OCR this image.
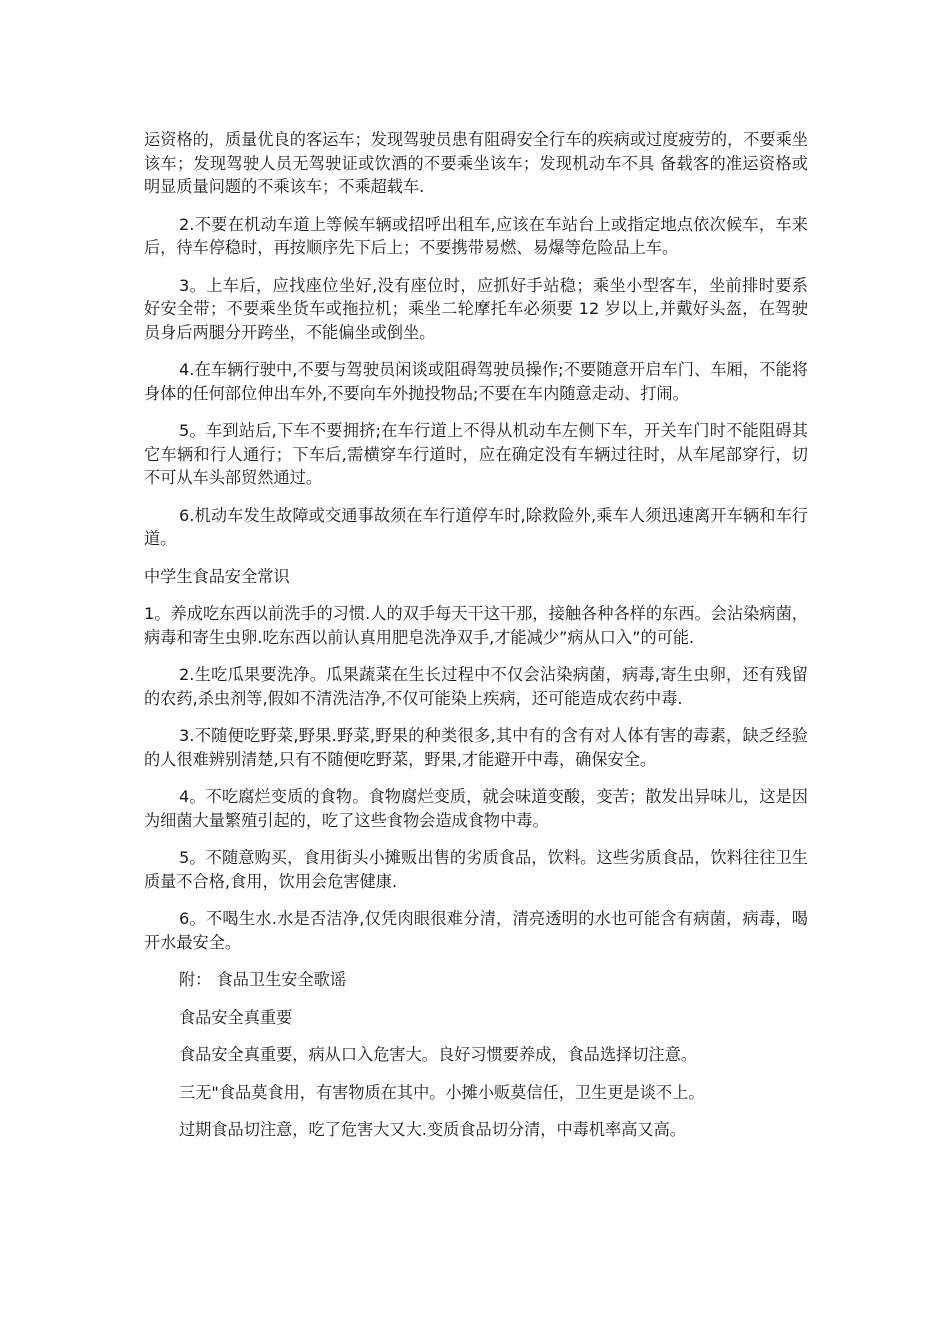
运资格的，质量优良的客运车；发现驾驶员患有阻碍安全行车的疾病或过度疲劳的，不要乘坐该车；发现驾驶人员无驾驶证或饮酒的不要乘坐该车；发现机动车不具 备载客的准运资格或明显质量问题的不乘该车；不乘超载车.

2.不要在机动车道上等候车辆或招呼出租车,应该在车站台上或指定地点依次候车，车来后，待车停稳时，再按顺序先下后上；不要携带易燃、易爆等危险品上车。

3。上车后，应找座位坐好,没有座位时，应抓好手站稳；乘坐小型客车，坐前排时要系好安全带；不要乘坐货车或拖拉机；乘坐二轮摩托车必须要 12 岁以上,并戴好头盔，在驾驶员身后两腿分开跨坐，不能偏坐或倒坐。

4.在车辆行驶中,不要与驾驶员闲谈或阻碍驾驶员操作;不要随意开启车门、车厢，不能将身体的任何部位伸出车外,不要向车外抛投物品;不要在车内随意走动、打闹。

5。车到站后,下车不要拥挤;在车行道上不得从机动车左侧下车，开关车门时不能阻碍其它车辆和行人通行；下车后,需横穿车行道时，应在确定没有车辆过往时，从车尾部穿行，切不可从车头部贸然通过。

6.机动车发生故障或交通事故须在车行道停车时,除救险外,乘车人须迅速离开车辆和车行道。

中学生食品安全常识

1。养成吃东西以前洗手的习惯.人的双手每天干这干那，接触各种各样的东西。会沾染病菌，病毒和寄生虫卵.吃东西以前认真用肥皂洗净双手,才能减少”病从口入”的可能.

2.生吃瓜果要洗净。瓜果蔬菜在生长过程中不仅会沾染病菌，病毒,寄生虫卵，还有残留的农药,杀虫剂等,假如不清洗洁净,不仅可能染上疾病，还可能造成农药中毒.

3.不随便吃野菜,野果.野菜,野果的种类很多,其中有的含有对人体有害的毒素，缺乏经验的人很难辨别清楚,只有不随便吃野菜，野果,才能避开中毒，确保安全。

4。不吃腐烂变质的食物。食物腐烂变质，就会味道变酸，变苦；散发出异味儿，这是因为细菌大量繁殖引起的，吃了这些食物会造成食物中毒。

5。不随意购买，食用街头小摊贩出售的劣质食品，饮料。这些劣质食品，饮料往往卫生质量不合格,食用，饮用会危害健康.

6。不喝生水.水是否洁净,仅凭肉眼很难分清，清亮透明的水也可能含有病菌，病毒，喝开水最安全。

附： 食品卫生安全歌谣

食品安全真重要

食品安全真重要，病从口入危害大。良好习惯要养成，食品选择切注意。

三无"食品莫食用，有害物质在其中。小摊小贩莫信任，卫生更是谈不上。

过期食品切注意，吃了危害大又大.变质食品切分清，中毒机率高又高。
